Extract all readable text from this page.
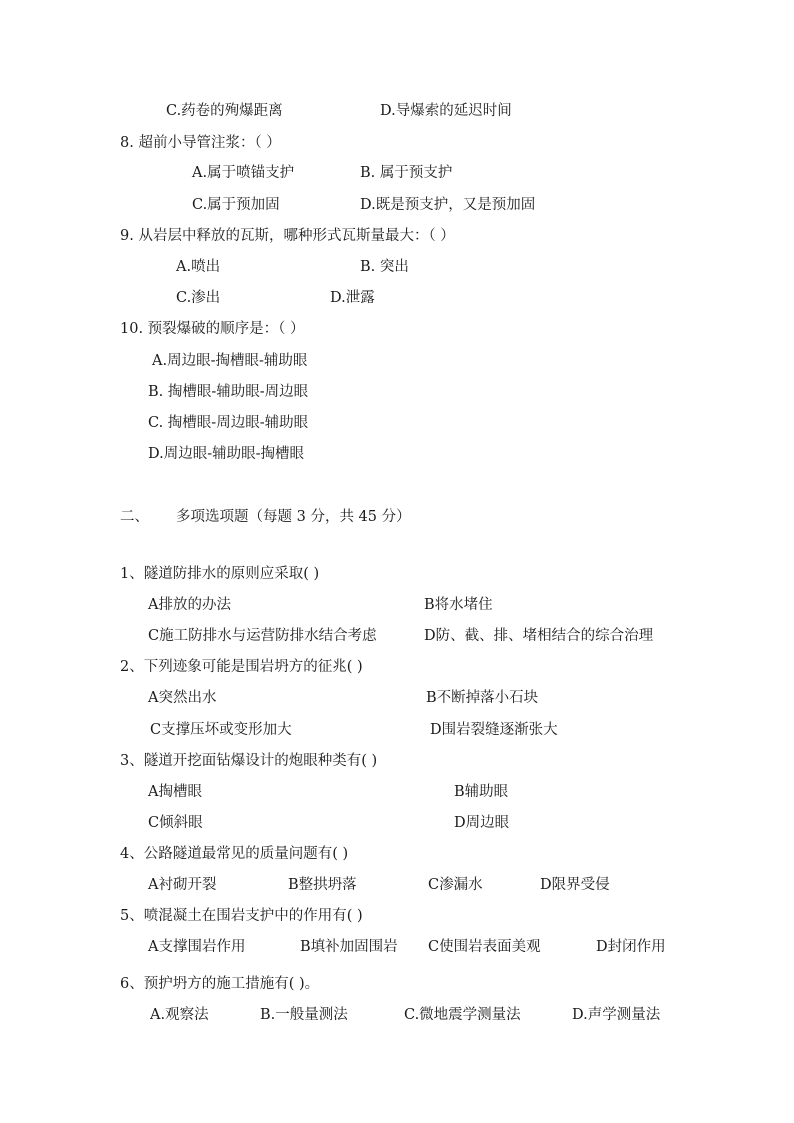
C.药卷的殉爆距离	D.导爆索的延迟时间
8. 超前小导管注浆：（ ）
A.属于喷锚支护	B. 属于预支护
C.属于预加固	D.既是预支护，又是预加固
9. 从岩层中释放的瓦斯，哪种形式瓦斯量最大：（ ）
A.喷出	B. 突出
C.渗出	D.泄露
10. 预裂爆破的顺序是：（ ）
A.周边眼-掏槽眼-辅助眼
B. 掏槽眼-辅助眼-周边眼
C. 掏槽眼-周边眼-辅助眼
D.周边眼-辅助眼-掏槽眼
二、 多项选项题（每题 3 分，共 45 分）
1、隧道防排水的原则应采取( )
A排放的办法	B将水堵住
C施工防排水与运营防排水结合考虑	D防、截、排、堵相结合的综合治理
2、下列迹象可能是围岩坍方的征兆( )
A突然出水	B不断掉落小石块
C支撑压坏或变形加大	D围岩裂缝逐渐张大
3、隧道开挖面钻爆设计的炮眼种类有( )
A掏槽眼	B辅助眼
C倾斜眼	D周边眼
4、公路隧道最常见的质量问题有( )
A衬砌开裂	B整拱坍落	C渗漏水	D限界受侵
5、喷混凝土在围岩支护中的作用有( )
A支撑围岩作用	B填补加固围岩 C使围岩表面美观	D封闭作用
6、预护坍方的施工措施有( )。
A.观察法	B.一般量测法	C.微地震学测量法	D.声学测量法
